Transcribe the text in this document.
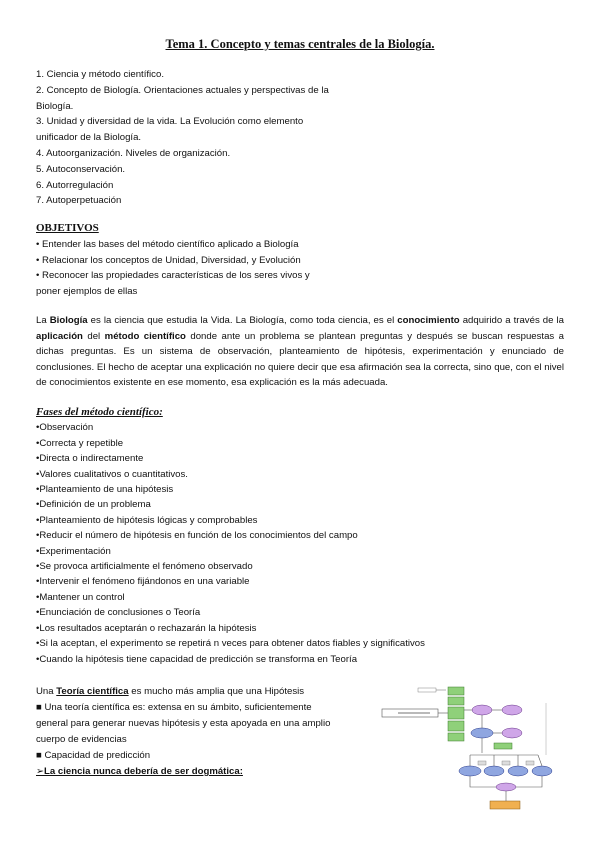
Tema 1. Concepto y temas centrales de la Biología.
1. Ciencia y método científico.
2. Concepto de Biología. Orientaciones actuales y perspectivas de la
Biología.
3. Unidad y diversidad de la vida. La Evolución como elemento
unificador de la Biología.
4. Autoorganización. Niveles de organización.
5. Autoconservación.
6. Autorregulación
7. Autoperpetuación
OBJETIVOS
• Entender las bases del método científico aplicado a Biología
• Relacionar los conceptos de Unidad, Diversidad, y Evolución
• Reconocer las propiedades características de los seres vivos y
poner ejemplos de ellas
La Biología es la ciencia que estudia la Vida. La Biología, como toda ciencia, es el conocimiento adquirido a través de la aplicación del método científico donde ante un problema se plantean preguntas y después se buscan respuestas a dichas preguntas. Es un sistema de observación, planteamiento de hipótesis, experimentación y enunciado de conclusiones. El hecho de aceptar una explicación no quiere decir que esa afirmación sea la correcta, sino que, con el nivel de conocimientos existente en ese momento, esa explicación es la más adecuada.
Fases del método científico:
•Observación
•Correcta y repetible
•Directa o indirectamente
•Valores cualitativos o cuantitativos.
•Planteamiento de una hipótesis
•Definición de un problema
•Planteamiento de hipótesis lógicas y comprobables
•Reducir el número de hipótesis en función de los conocimientos del campo
•Experimentación
•Se provoca artificialmente el fenómeno observado
•Intervenir el fenómeno fijándonos en una variable
•Mantener un control
•Enunciación de conclusiones o Teoría
•Los resultados aceptarán o rechazarán la hipótesis
•Si la aceptan, el experimento se repetirá n veces para obtener datos fiables y significativos
•Cuando la hipótesis tiene capacidad de predicción se transforma en Teoría
Una Teoría científica es mucho más amplia que una Hipótesis
■ Una teoría científica es: extensa en su ámbito, suficientemente
general para generar nuevas hipótesis y esta apoyada en una amplio
cuerpo de evidencias
■ Capacidad de predicción
➢La ciencia nunca debería de ser dogmática:
